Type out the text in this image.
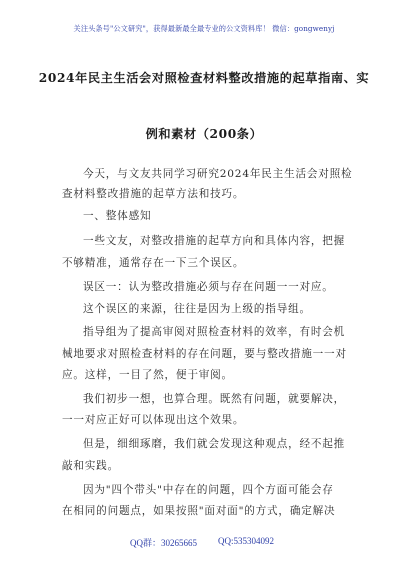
关注头条号"公文研究"，获得最新最全最专业的公文资料库！ 微信：gongwenyj
2024年民主生活会对照检查材料整改措施的起草指南、实
例和素材（200条）
今天，与文友共同学习研究2024年民主生活会对照检
查材料整改措施的起草方法和技巧。
一、整体感知
一些文友，对整改措施的起草方向和具体内容，把握
不够精准，通常存在一下三个误区。
误区一：认为整改措施必须与存在问题一一对应。
这个误区的来源，往往是因为上级的指导组。
指导组为了提高审阅对照检查材料的效率，有时会机
械地要求对照检查材料的存在问题，要与整改措施一一对
应。这样，一目了然，便于审阅。
我们初步一想，也算合理。既然有问题，就要解决，
一一对应正好可以体现出这个效果。
但是，细细琢磨，我们就会发现这种观点，经不起推
敲和实践。
因为"四个带头"中存在的问题，四个方面可能会存
在相同的问题点，如果按照"面对面"的方式，确定解决
QQ群：30265665 QQ:535304092
